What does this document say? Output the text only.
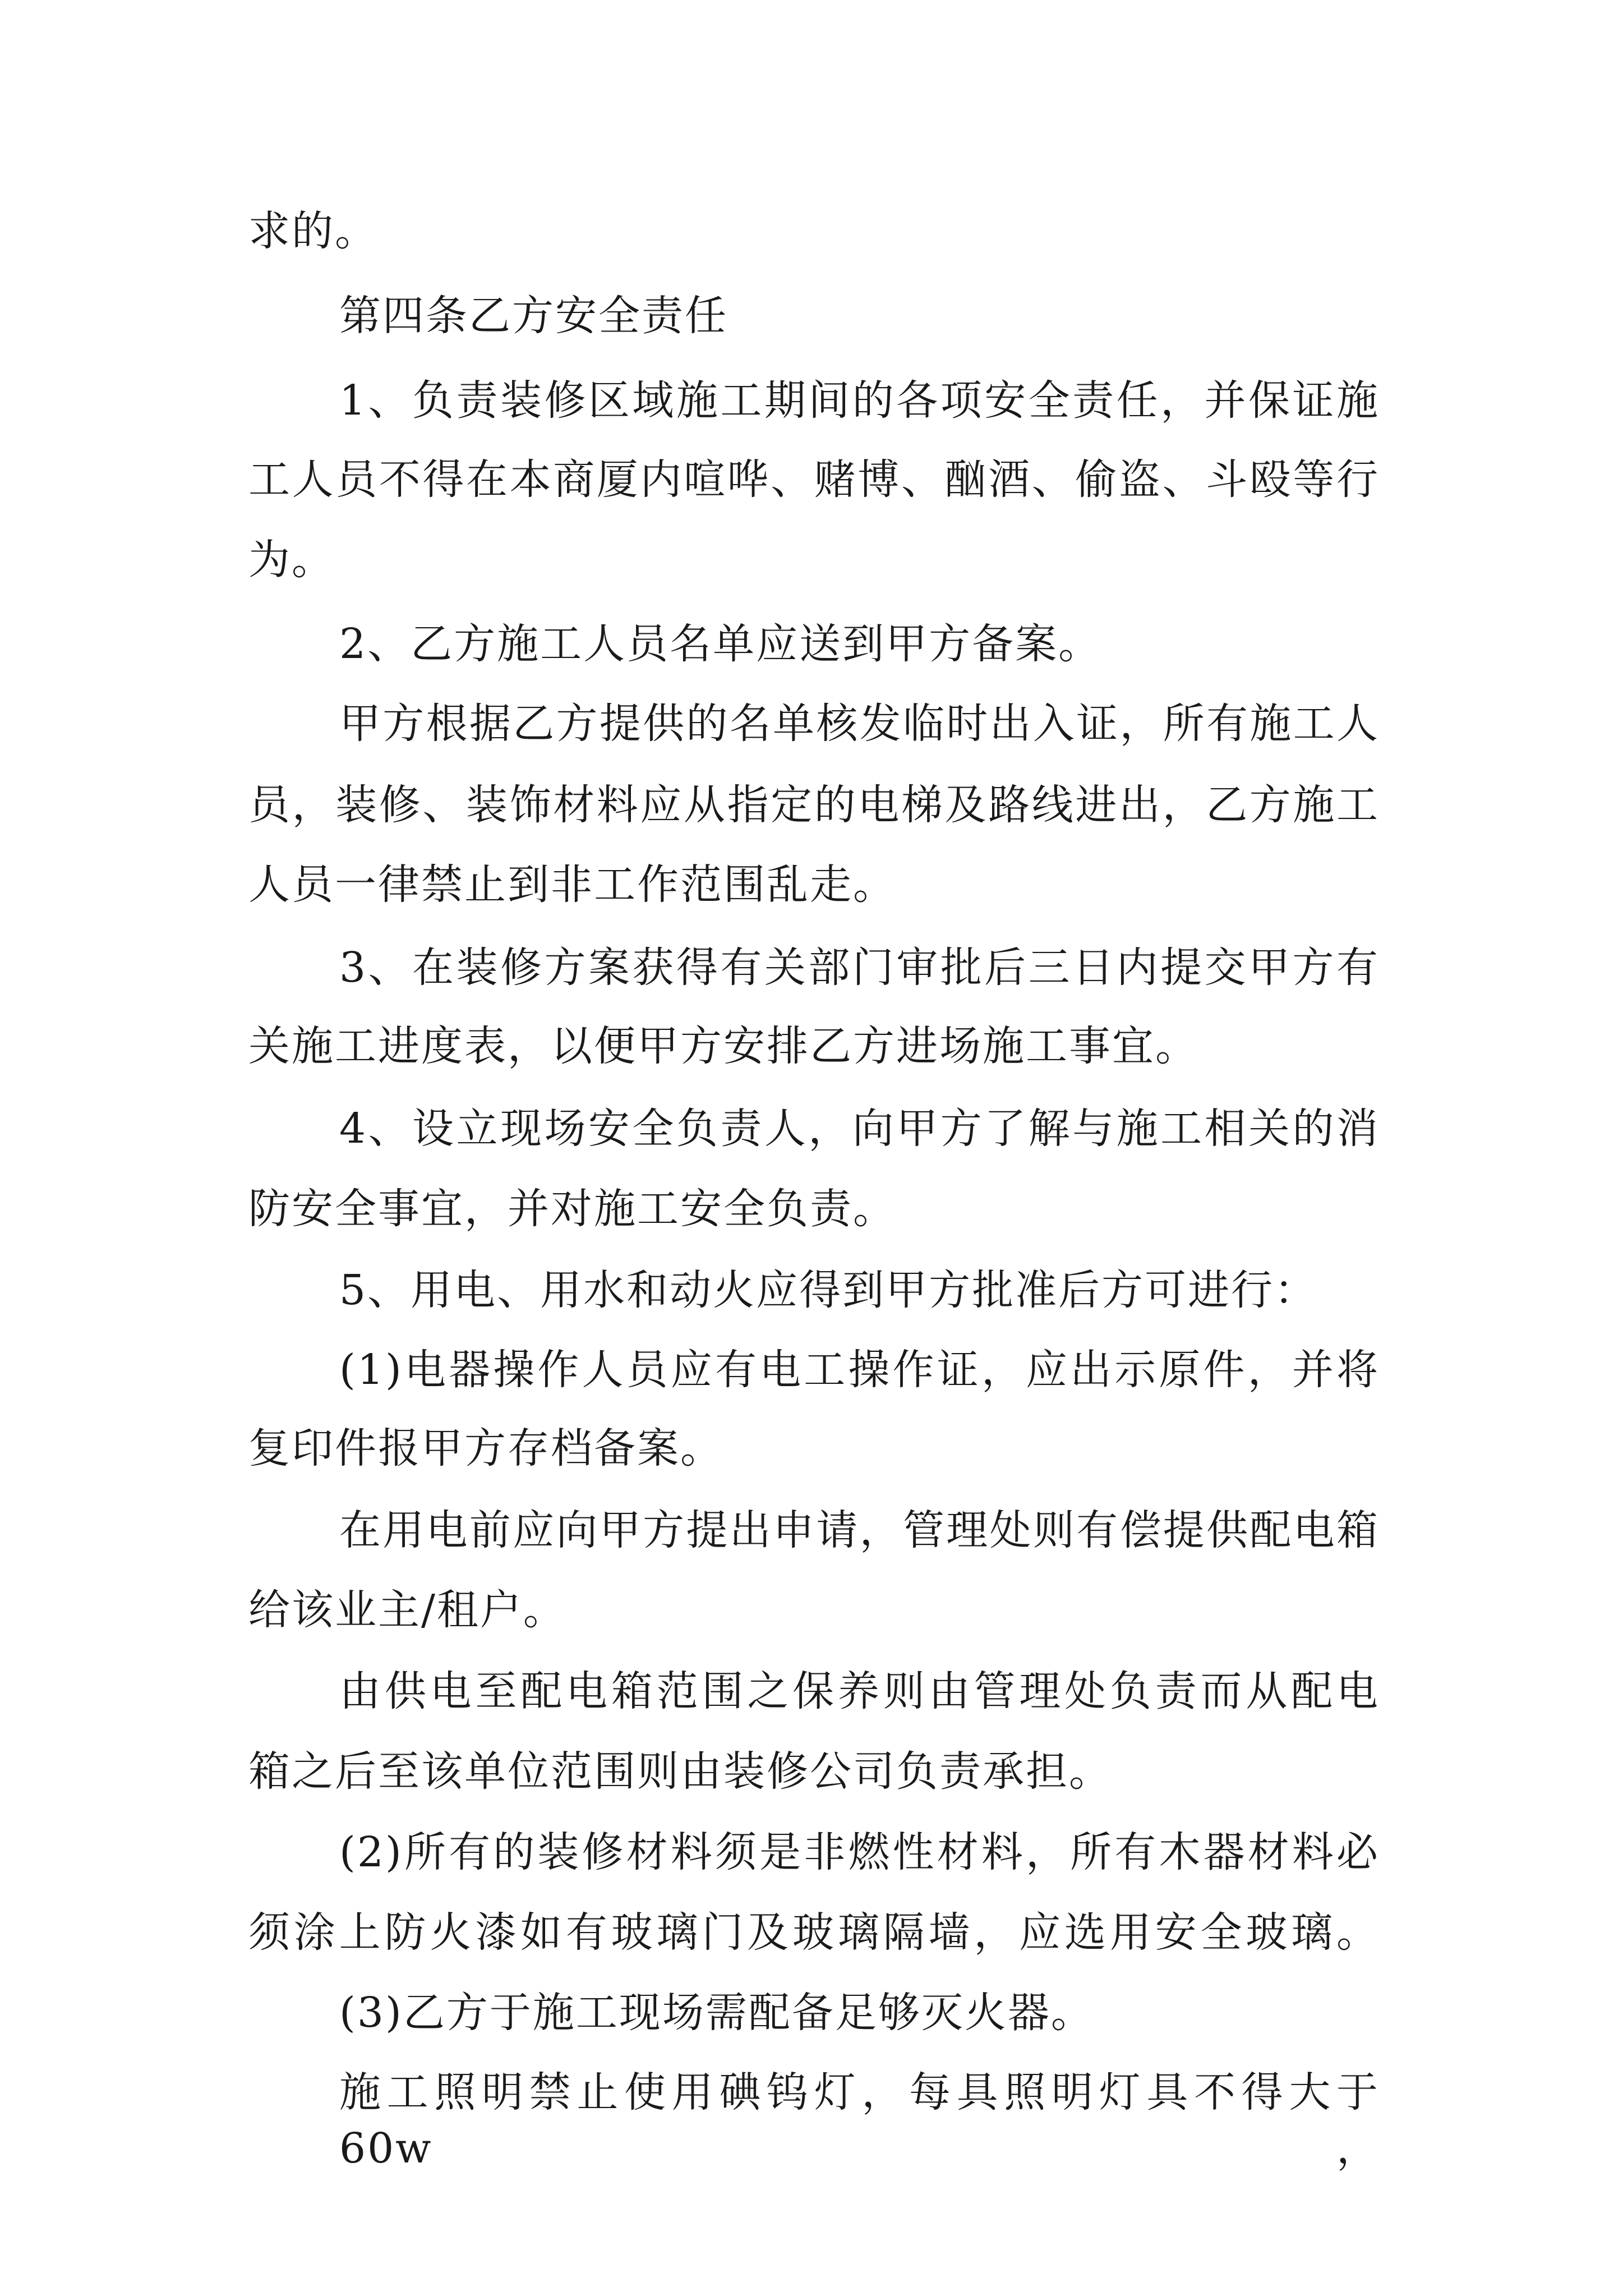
求的。

第四条乙方安全责任

1、负责装修区域施工期间的各项安全责任，并保证施

工人员不得在本商厦内喧哗、赌博、酗酒、偷盗、斗殴等行

为。

2、乙方施工人员名单应送到甲方备案。

甲方根据乙方提供的名单核发临时出入证，所有施工人

员，装修、装饰材料应从指定的电梯及路线进出，乙方施工

人员一律禁止到非工作范围乱走。

3、在装修方案获得有关部门审批后三日内提交甲方有

关施工进度表，以便甲方安排乙方进场施工事宜。

4、设立现场安全负责人，向甲方了解与施工相关的消

防安全事宜，并对施工安全负责。

5、用电、用水和动火应得到甲方批准后方可进行：

(1)电器操作人员应有电工操作证，应出示原件，并将

复印件报甲方存档备案。

在用电前应向甲方提出申请，管理处则有偿提供配电箱

给该业主/租户。

由供电至配电箱范围之保养则由管理处负责而从配电

箱之后至该单位范围则由装修公司负责承担。

(2)所有的装修材料须是非燃性材料，所有木器材料必

须涂上防火漆如有玻璃门及玻璃隔墙，应选用安全玻璃。

(3)乙方于施工现场需配备足够灭火器。

施工照明禁止使用碘钨灯，每具照明灯具不得大于60w，
